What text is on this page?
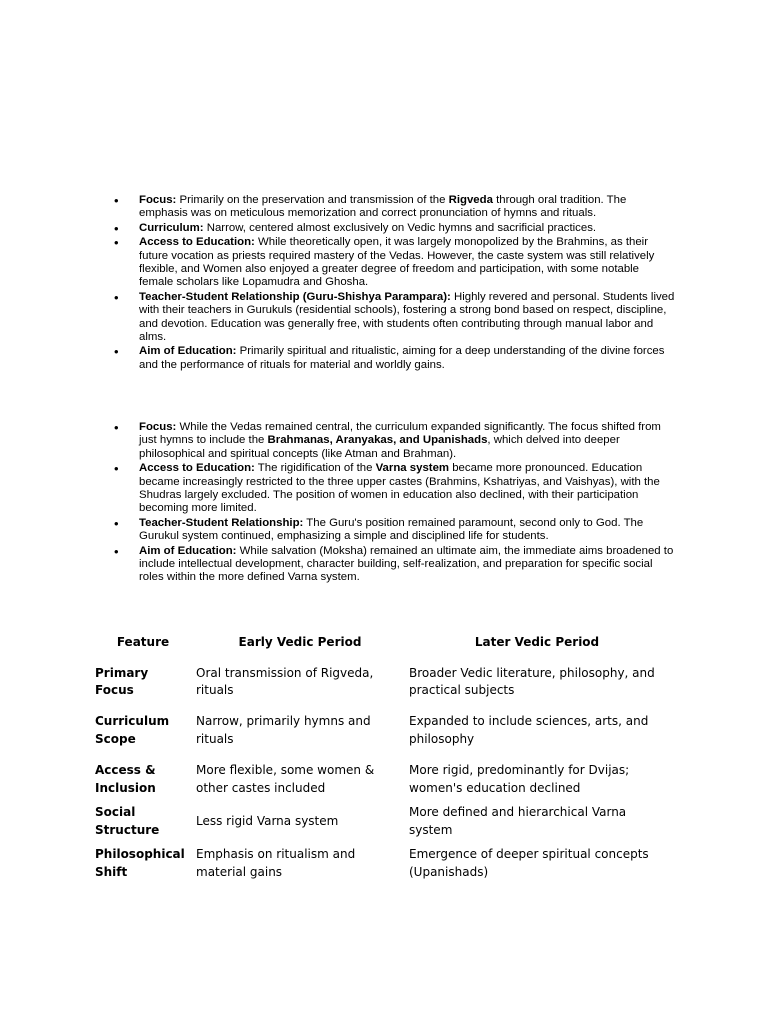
• Focus: Primarily on the preservation and transmission of the Rigveda through oral tradition. The emphasis was on meticulous memorization and correct pronunciation of hymns and rituals.
• Curriculum: Narrow, centered almost exclusively on Vedic hymns and sacrificial practices.
• Access to Education: While theoretically open, it was largely monopolized by the Brahmins, as their future vocation as priests required mastery of the Vedas. However, the caste system was still relatively flexible, and Women also enjoyed a greater degree of freedom and participation, with some notable female scholars like Lopamudra and Ghosha.
• Teacher-Student Relationship (Guru-Shishya Parampara): Highly revered and personal. Students lived with their teachers in Gurukuls (residential schools), fostering a strong bond based on respect, discipline, and devotion. Education was generally free, with students often contributing through manual labor and alms.
• Aim of Education: Primarily spiritual and ritualistic, aiming for a deep understanding of the divine forces and the performance of rituals for material and worldly gains.
• Focus: While the Vedas remained central, the curriculum expanded significantly. The focus shifted from just hymns to include the Brahmanas, Aranyakas, and Upanishads, which delved into deeper philosophical and spiritual concepts (like Atman and Brahman).
• Access to Education: The rigidification of the Varna system became more pronounced. Education became increasingly restricted to the three upper castes (Brahmins, Kshatriyas, and Vaishyas), with the Shudras largely excluded. The position of women in education also declined, with their participation becoming more limited.
• Teacher-Student Relationship: The Guru's position remained paramount, second only to God. The Gurukul system continued, emphasizing a simple and disciplined life for students.
• Aim of Education: While salvation (Moksha) remained an ultimate aim, the immediate aims broadened to include intellectual development, character building, self-realization, and preparation for specific social roles within the more defined Varna system.
Feature	Early Vedic Period	Later Vedic Period
Primary Focus	Oral transmission of Rigveda, rituals	Broader Vedic literature, philosophy, and practical subjects
Curriculum Scope	Narrow, primarily hymns and rituals	Expanded to include sciences, arts, and philosophy
Access & Inclusion	More flexible, some women & other castes included	More rigid, predominantly for Dvijas; women's education declined
Social Structure	Less rigid Varna system	More defined and hierarchical Varna system
Philosophical Shift	Emphasis on ritualism and material gains	Emergence of deeper spiritual concepts (Upanishads)
